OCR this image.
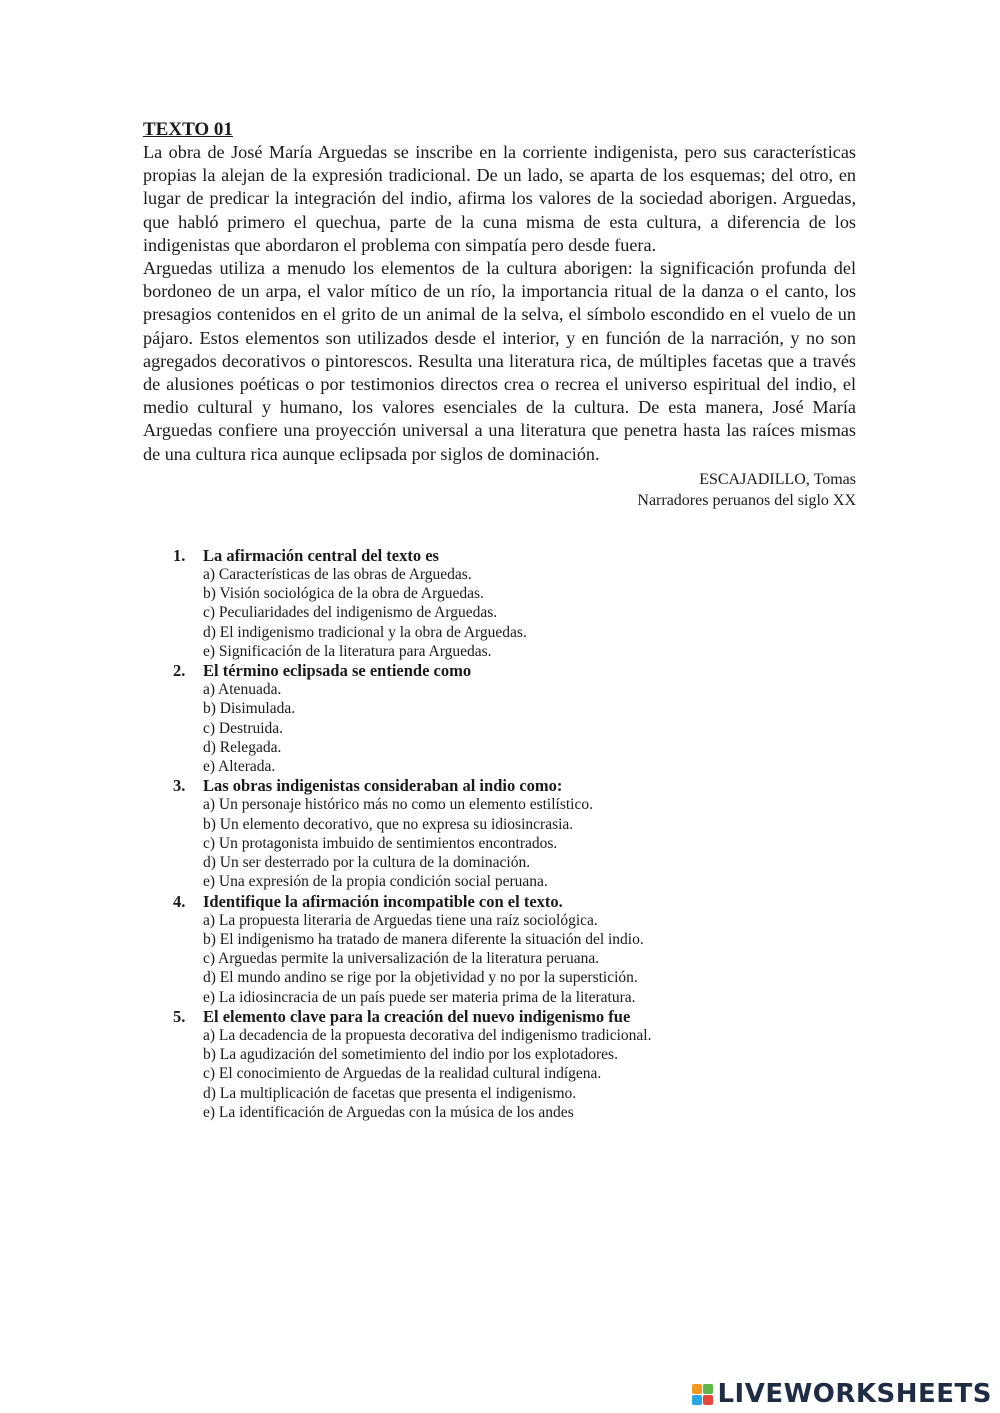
TEXTO 01

La obra de José María Arguedas se inscribe en la corriente indigenista, pero sus características propias la alejan de la expresión tradicional. De un lado, se aparta de los esquemas; del otro, en lugar de predicar la integración del indio, afirma los valores de la sociedad aborigen. Arguedas, que habló primero el quechua, parte de la cuna misma de esta cultura, a diferencia de los indigenistas que abordaron el problema con simpatía pero desde fuera.

Arguedas utiliza a menudo los elementos de la cultura aborigen: la significación profunda del bordoneo de un arpa, el valor mítico de un río, la importancia ritual de la danza o el canto, los presagios contenidos en el grito de un animal de la selva, el símbolo escondido en el vuelo de un pájaro. Estos elementos son utilizados desde el interior, y en función de la narración, y no son agregados decorativos o pintorescos. Resulta una literatura rica, de múltiples facetas que a través de alusiones poéticas o por testimonios directos crea o recrea el universo espiritual del indio, el medio cultural y humano, los valores esenciales de la cultura. De esta manera, José María Arguedas confiere una proyección universal a una literatura que penetra hasta las raíces mismas de una cultura rica aunque eclipsada por siglos de dominación.

ESCAJADILLO, Tomas
Narradores peruanos del siglo XX
1.	La afirmación central del texto es
a) Características de las obras de Arguedas.
b) Visión sociológica de la obra de Arguedas.
c) Peculiaridades del indigenismo de Arguedas.
d) El indigenismo tradicional y la obra de Arguedas.
e) Significación de la literatura para Arguedas.
2.	El término eclipsada se entiende como
a) Atenuada.
b) Disimulada.
c) Destruida.
d) Relegada.
e) Alterada.
3.	Las obras indigenistas consideraban al indio como:
a) Un personaje histórico más no como un elemento estilístico.
b) Un elemento decorativo, que no expresa su idiosincrasia.
c) Un protagonista imbuido de sentimientos encontrados.
d) Un ser desterrado por la cultura de la dominación.
e) Una expresión de la propia condición social peruana.
4.	Identifique la afirmación incompatible con el texto.
a) La propuesta literaria de Arguedas tiene una raíz sociológica.
b) El indigenismo ha tratado de manera diferente la situación del indio.
c) Arguedas permite la universalización de la literatura peruana.
d) El mundo andino se rige por la objetividad y no por la superstición.
e) La idiosincracia de un país puede ser materia prima de la literatura.
5.	El elemento clave para la creación del nuevo indigenismo fue
a) La decadencia de la propuesta decorativa del indigenismo tradicional.
b) La agudización del sometimiento del indio por los explotadores.
c) El conocimiento de Arguedas de la realidad cultural indígena.
d) La multiplicación de facetas que presenta el indigenismo.
e) La identificación de Arguedas con la música de los andes
LIVEWORKSHEETS
